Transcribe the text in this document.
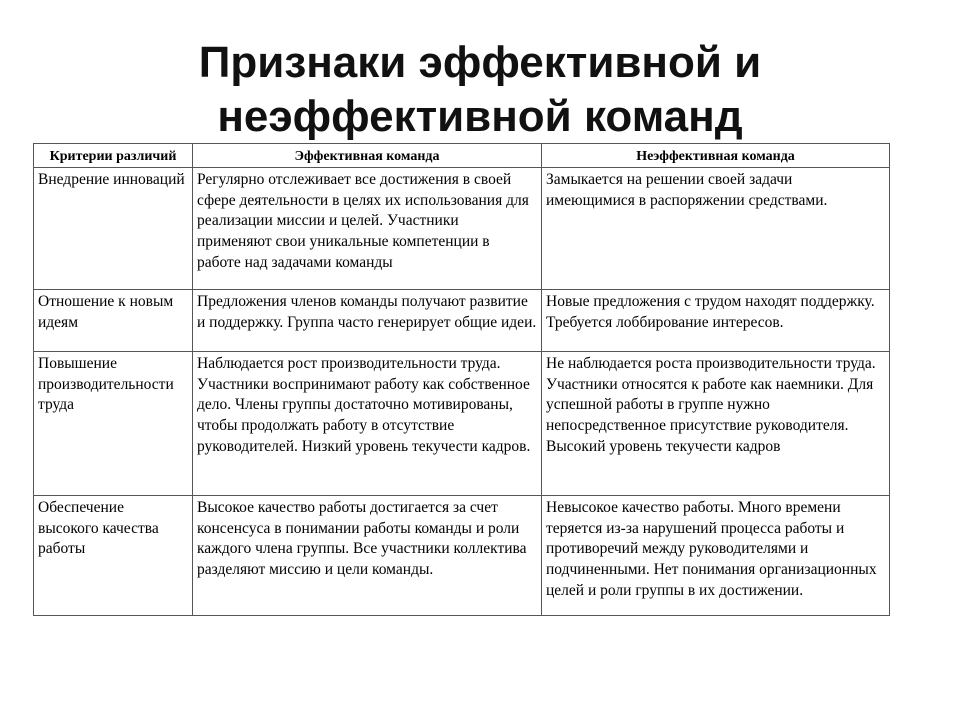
Признаки эффективной и
неэффективной команд
Критерии различий	Эффективная команда	Неэффективная команда
Внедрение инноваций	Регулярно отслеживает все достижения в своей сфере деятельности в целях их использования для реализации миссии и целей. Участники применяют свои уникальные компетенции в работе над задачами команды	Замыкается на решении своей задачи имеющимися в распоряжении средствами.
Отношение к новым идеям	Предложения членов команды получают развитие и поддержку. Группа часто генерирует общие идеи.	Новые предложения с трудом находят поддержку. Требуется лоббирование интересов.
Повышение производительности труда	Наблюдается рост производительности труда. Участники воспринимают работу как собственное дело. Члены группы достаточно мотивированы, чтобы продолжать работу в отсутствие руководителей. Низкий уровень текучести кадров.	Не наблюдается роста производительности труда. Участники относятся к работе как наемники. Для успешной работы в группе нужно непосредственное присутствие руководителя. Высокий уровень текучести кадров
Обеспечение высокого качества работы	Высокое качество работы достигается за счет консенсуса в понимании работы команды и роли каждого члена группы. Все участники коллектива разделяют миссию и цели команды.	Невысокое качество работы. Много времени теряется из-за нарушений процесса работы и противоречий между руководителями и подчиненными. Нет понимания организационных целей и роли группы в их достижении.
